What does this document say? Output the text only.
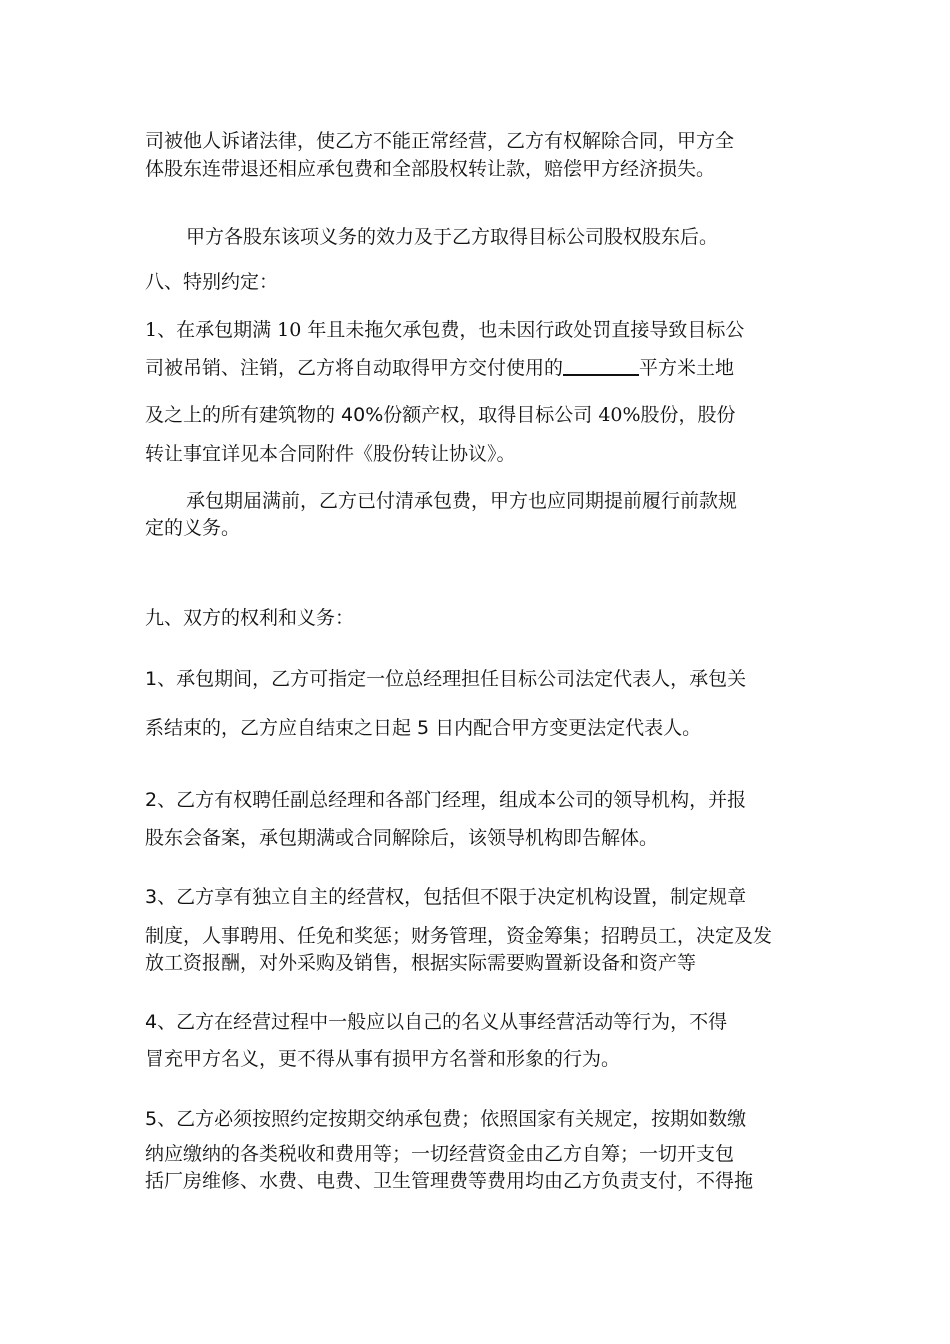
司被他人诉诸法律，使乙方不能正常经营，乙方有权解除合同，甲方全
体股东连带退还相应承包费和全部股权转让款，赔偿甲方经济损失。
甲方各股东该项义务的效力及于乙方取得目标公司股权股东后。
八、特别约定：
1、在承包期满 10 年且未拖欠承包费，也未因行政处罚直接导致目标公
司被吊销、注销，乙方将自动取得甲方交付使用的	平方米土地
及之上的所有建筑物的 40%份额产权，取得目标公司 40%股份，股份
转让事宜详见本合同附件《股份转让协议》。
承包期届满前，乙方已付清承包费，甲方也应同期提前履行前款规
定的义务。
九、双方的权利和义务：
1、承包期间，乙方可指定一位总经理担任目标公司法定代表人，承包关
系结束的，乙方应自结束之日起 5 日内配合甲方变更法定代表人。
2、乙方有权聘任副总经理和各部门经理，组成本公司的领导机构，并报
股东会备案，承包期满或合同解除后，该领导机构即告解体。
3、乙方享有独立自主的经营权，包括但不限于决定机构设置，制定规章
制度，人事聘用、任免和奖惩；财务管理，资金筹集；招聘员工，决定及发
放工资报酬，对外采购及销售，根据实际需要购置新设备和资产等
4、乙方在经营过程中一般应以自己的名义从事经营活动等行为，不得
冒充甲方名义，更不得从事有损甲方名誉和形象的行为。
5、乙方必须按照约定按期交纳承包费；依照国家有关规定，按期如数缴
纳应缴纳的各类税收和费用等；一切经营资金由乙方自筹；一切开支包
括厂房维修、水费、电费、卫生管理费等费用均由乙方负责支付，不得拖
